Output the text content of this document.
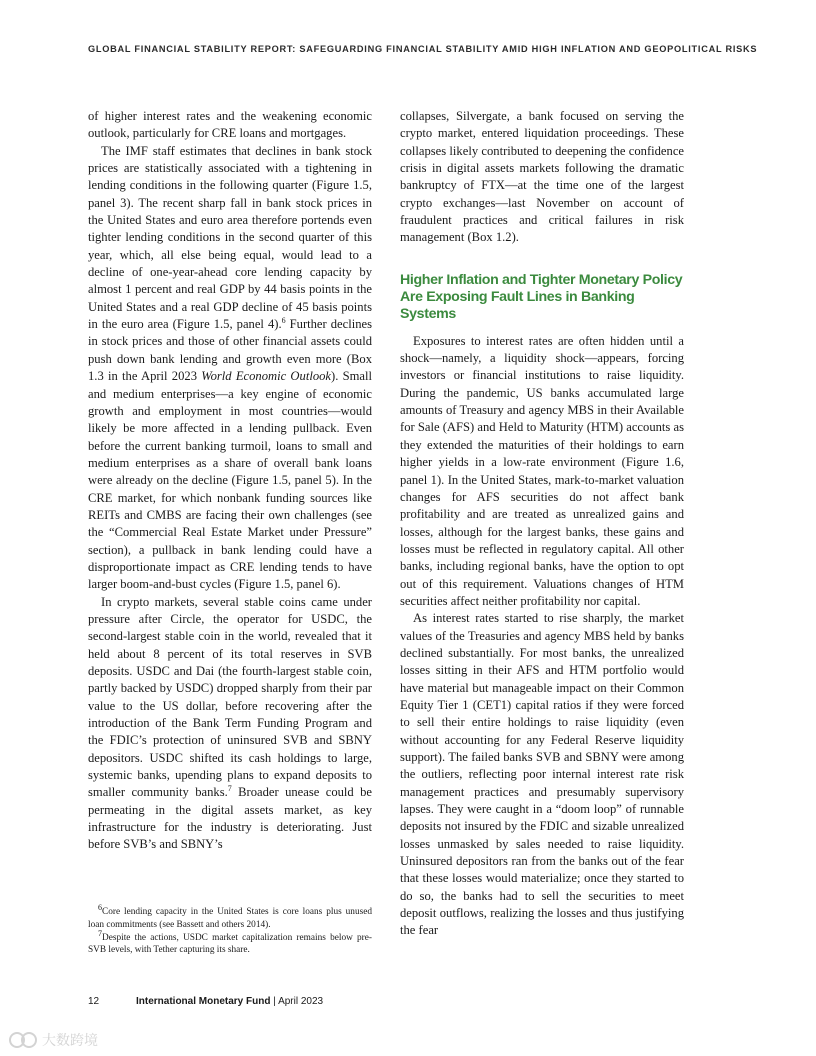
GLOBAL FINANCIAL STABILITY REPORT: SAFEGUARDING FINANCIAL STABILITY AMID HIGH INFLATION AND GEOPOLITICAL RISKS

of higher interest rates and the weakening economic outlook, particularly for CRE loans and mortgages.

The IMF staff estimates that declines in bank stock prices are statistically associated with a tightening in lending conditions in the following quarter (Figure 1.5, panel 3). The recent sharp fall in bank stock prices in the United States and euro area therefore portends even tighter lending conditions in the second quarter of this year, which, all else being equal, would lead to a decline of one-year-ahead core lending capacity by almost 1 percent and real GDP by 44 basis points in the United States and a real GDP decline of 45 basis points in the euro area (Figure 1.5, panel 4).$^6$ Further declines in stock prices and those of other financial assets could push down bank lending and growth even more (Box 1.3 in the April 2023 World Economic Outlook). Small and medium enterprises—a key engine of economic growth and employment in most countries—would likely be more affected in a lending pullback. Even before the current banking turmoil, loans to small and medium enterprises as a share of overall bank loans were already on the decline (Figure 1.5, panel 5). In the CRE market, for which nonbank funding sources like REITs and CMBS are facing their own challenges (see the “Commercial Real Estate Market under Pressure” section), a pullback in bank lending could have a disproportionate impact as CRE lending tends to have larger boom-and-bust cycles (Figure 1.5, panel 6).

In crypto markets, several stable coins came under pressure after Circle, the operator for USDC, the second-largest stable coin in the world, revealed that it held about 8 percent of its total reserves in SVB deposits. USDC and Dai (the fourth-largest stable coin, partly backed by USDC) dropped sharply from their par value to the US dollar, before recovering after the introduction of the Bank Term Funding Program and the FDIC’s protection of uninsured SVB and SBNY depositors. USDC shifted its cash holdings to large, systemic banks, upending plans to expand deposits to smaller community banks.$^7$ Broader unease could be permeating in the digital assets market, as key infrastructure for the industry is deteriorating. Just before SVB’s and SBNY’s

collapses, Silvergate, a bank focused on serving the crypto market, entered liquidation proceedings. These collapses likely contributed to deepening the confidence crisis in digital assets markets following the dramatic bankruptcy of FTX—at the time one of the largest crypto exchanges—last November on account of fraudulent practices and critical failures in risk management (Box 1.2).

Higher Inflation and Tighter Monetary Policy Are Exposing Fault Lines in Banking Systems

Exposures to interest rates are often hidden until a shock—namely, a liquidity shock—appears, forcing investors or financial institutions to raise liquidity. During the pandemic, US banks accumulated large amounts of Treasury and agency MBS in their Available for Sale (AFS) and Held to Maturity (HTM) accounts as they extended the maturities of their holdings to earn higher yields in a low-rate environment (Figure 1.6, panel 1). In the United States, mark-to-market valuation changes for AFS securities do not affect bank profitability and are treated as unrealized gains and losses, although for the largest banks, these gains and losses must be reflected in regulatory capital. All other banks, including regional banks, have the option to opt out of this requirement. Valuations changes of HTM securities affect neither profitability nor capital.

As interest rates started to rise sharply, the market values of the Treasuries and agency MBS held by banks declined substantially. For most banks, the unrealized losses sitting in their AFS and HTM portfolio would have material but manageable impact on their Common Equity Tier 1 (CET1) capital ratios if they were forced to sell their entire holdings to raise liquidity (even without accounting for any Federal Reserve liquidity support). The failed banks SVB and SBNY were among the outliers, reflecting poor internal interest rate risk management practices and presumably supervisory lapses. They were caught in a “doom loop” of runnable deposits not insured by the FDIC and sizable unrealized losses unmasked by sales needed to raise liquidity. Uninsured depositors ran from the banks out of the fear that these losses would materialize; once they started to do so, the banks had to sell the securities to meet deposit outflows, realizing the losses and thus justifying the fear

$^6$Core lending capacity in the United States is core loans plus unused loan commitments (see Bassett and others 2014).

$^7$Despite the actions, USDC market capitalization remains below pre-SVB levels, with Tether capturing its share.

12	International Monetary Fund | April 2023
大数跨境
